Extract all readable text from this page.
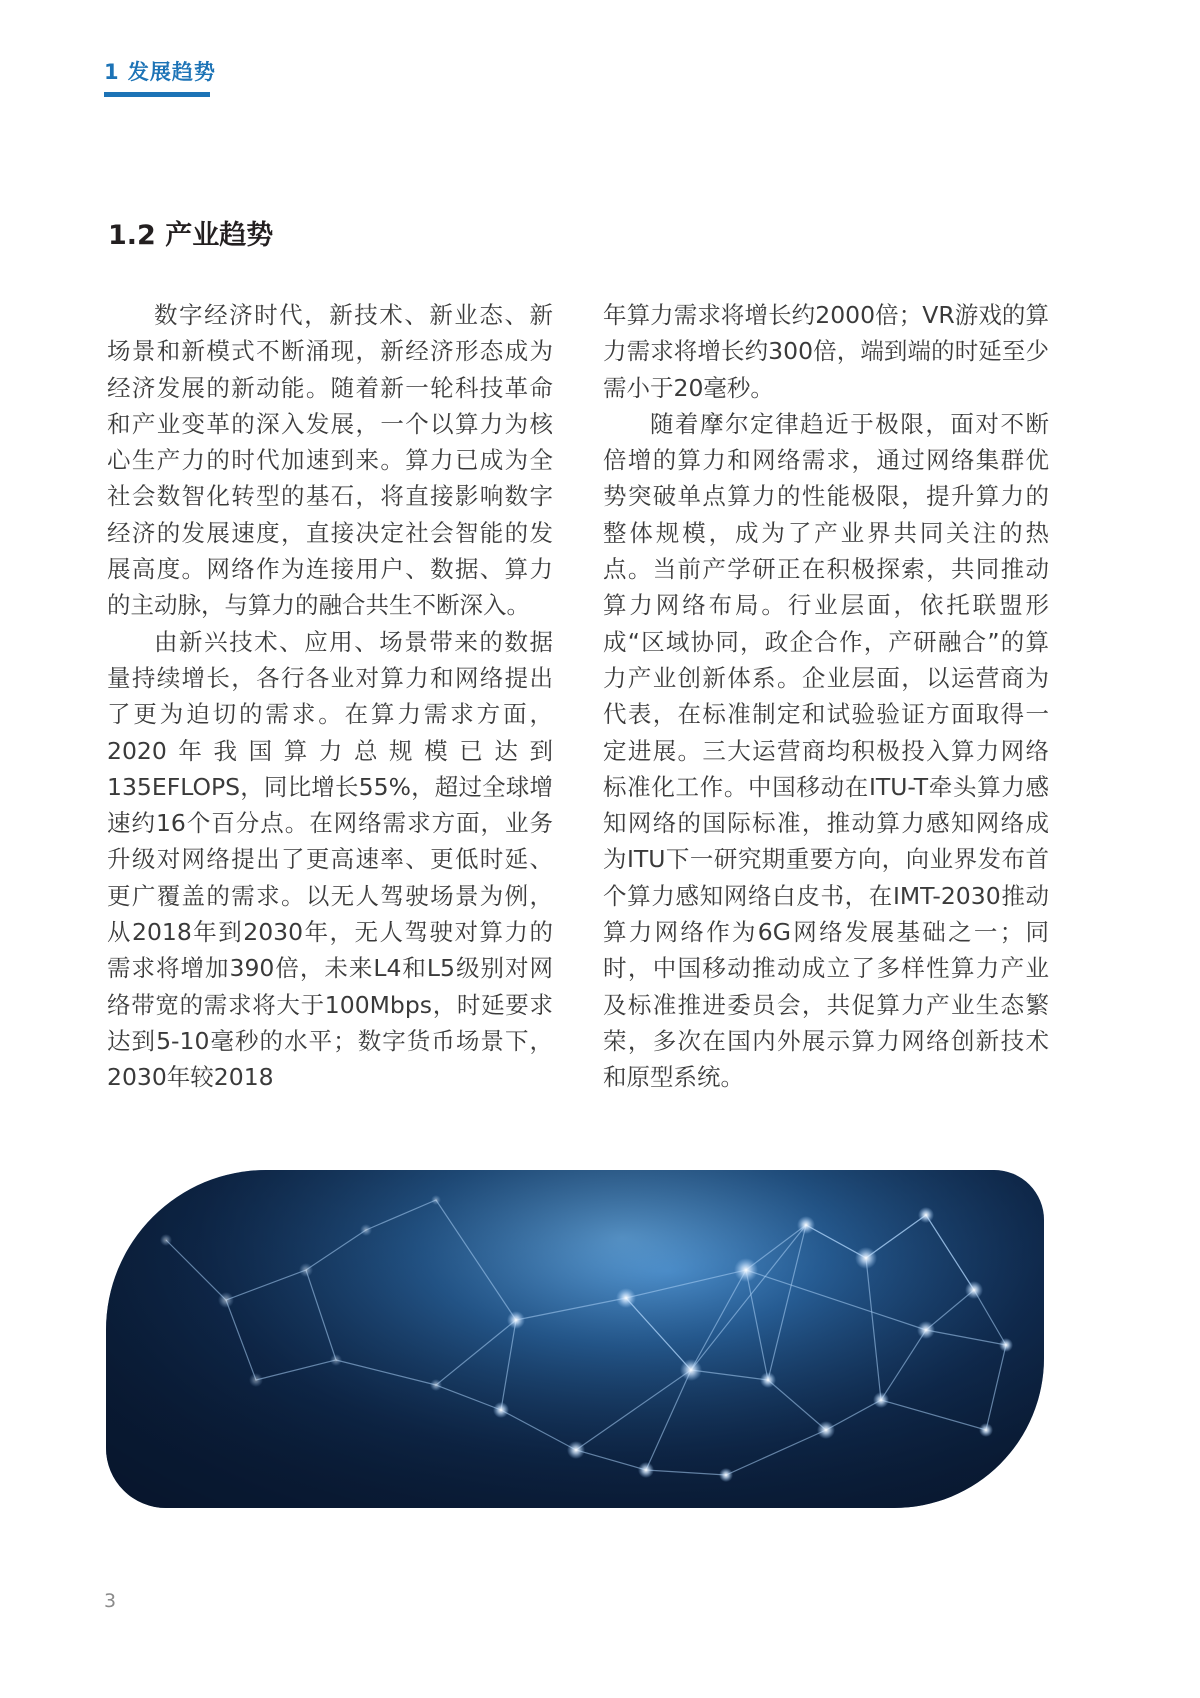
1 发展趋势
1.2 产业趋势

数字经济时代，新技术、新业态、新场景和新模式不断涌现，新经济形态成为经济发展的新动能。随着新一轮科技革命和产业变革的深入发展，一个以算力为核心生产力的时代加速到来。算力已成为全社会数智化转型的基石，将直接影响数字经济的发展速度，直接决定社会智能的发展高度。网络作为连接用户、数据、算力的主动脉，与算力的融合共生不断深入。

由新兴技术、应用、场景带来的数据量持续增长，各行各业对算力和网络提出了更为迫切的需求。在算力需求方面，2020年我国算力总规模已达到135EFLOPS，同比增长55%，超过全球增速约16个百分点。在网络需求方面，业务升级对网络提出了更高速率、更低时延、更广覆盖的需求。以无人驾驶场景为例，从2018年到2030年，无人驾驶对算力的需求将增加390倍，未来L4和L5级别对网络带宽的需求将大于100Mbps，时延要求达到5-10毫秒的水平；数字货币场景下，2030年较2018

年算力需求将增长约2000倍；VR游戏的算力需求将增长约300倍，端到端的时延至少需小于20毫秒。

随着摩尔定律趋近于极限，面对不断倍增的算力和网络需求，通过网络集群优势突破单点算力的性能极限，提升算力的整体规模，成为了产业界共同关注的热点。当前产学研正在积极探索，共同推动算力网络布局。行业层面，依托联盟形成“区域协同，政企合作，产研融合”的算力产业创新体系。企业层面，以运营商为代表，在标准制定和试验验证方面取得一定进展。三大运营商均积极投入算力网络标准化工作。中国移动在ITU-T牵头算力感知网络的国际标准，推动算力感知网络成为ITU下一研究期重要方向，向业界发布首个算力感知网络白皮书，在IMT-2030推动算力网络作为6G网络发展基础之一；同时，中国移动推动成立了多样性算力产业及标准推进委员会，共促算力产业生态繁荣，多次在国内外展示算力网络创新技术和原型系统。

3
